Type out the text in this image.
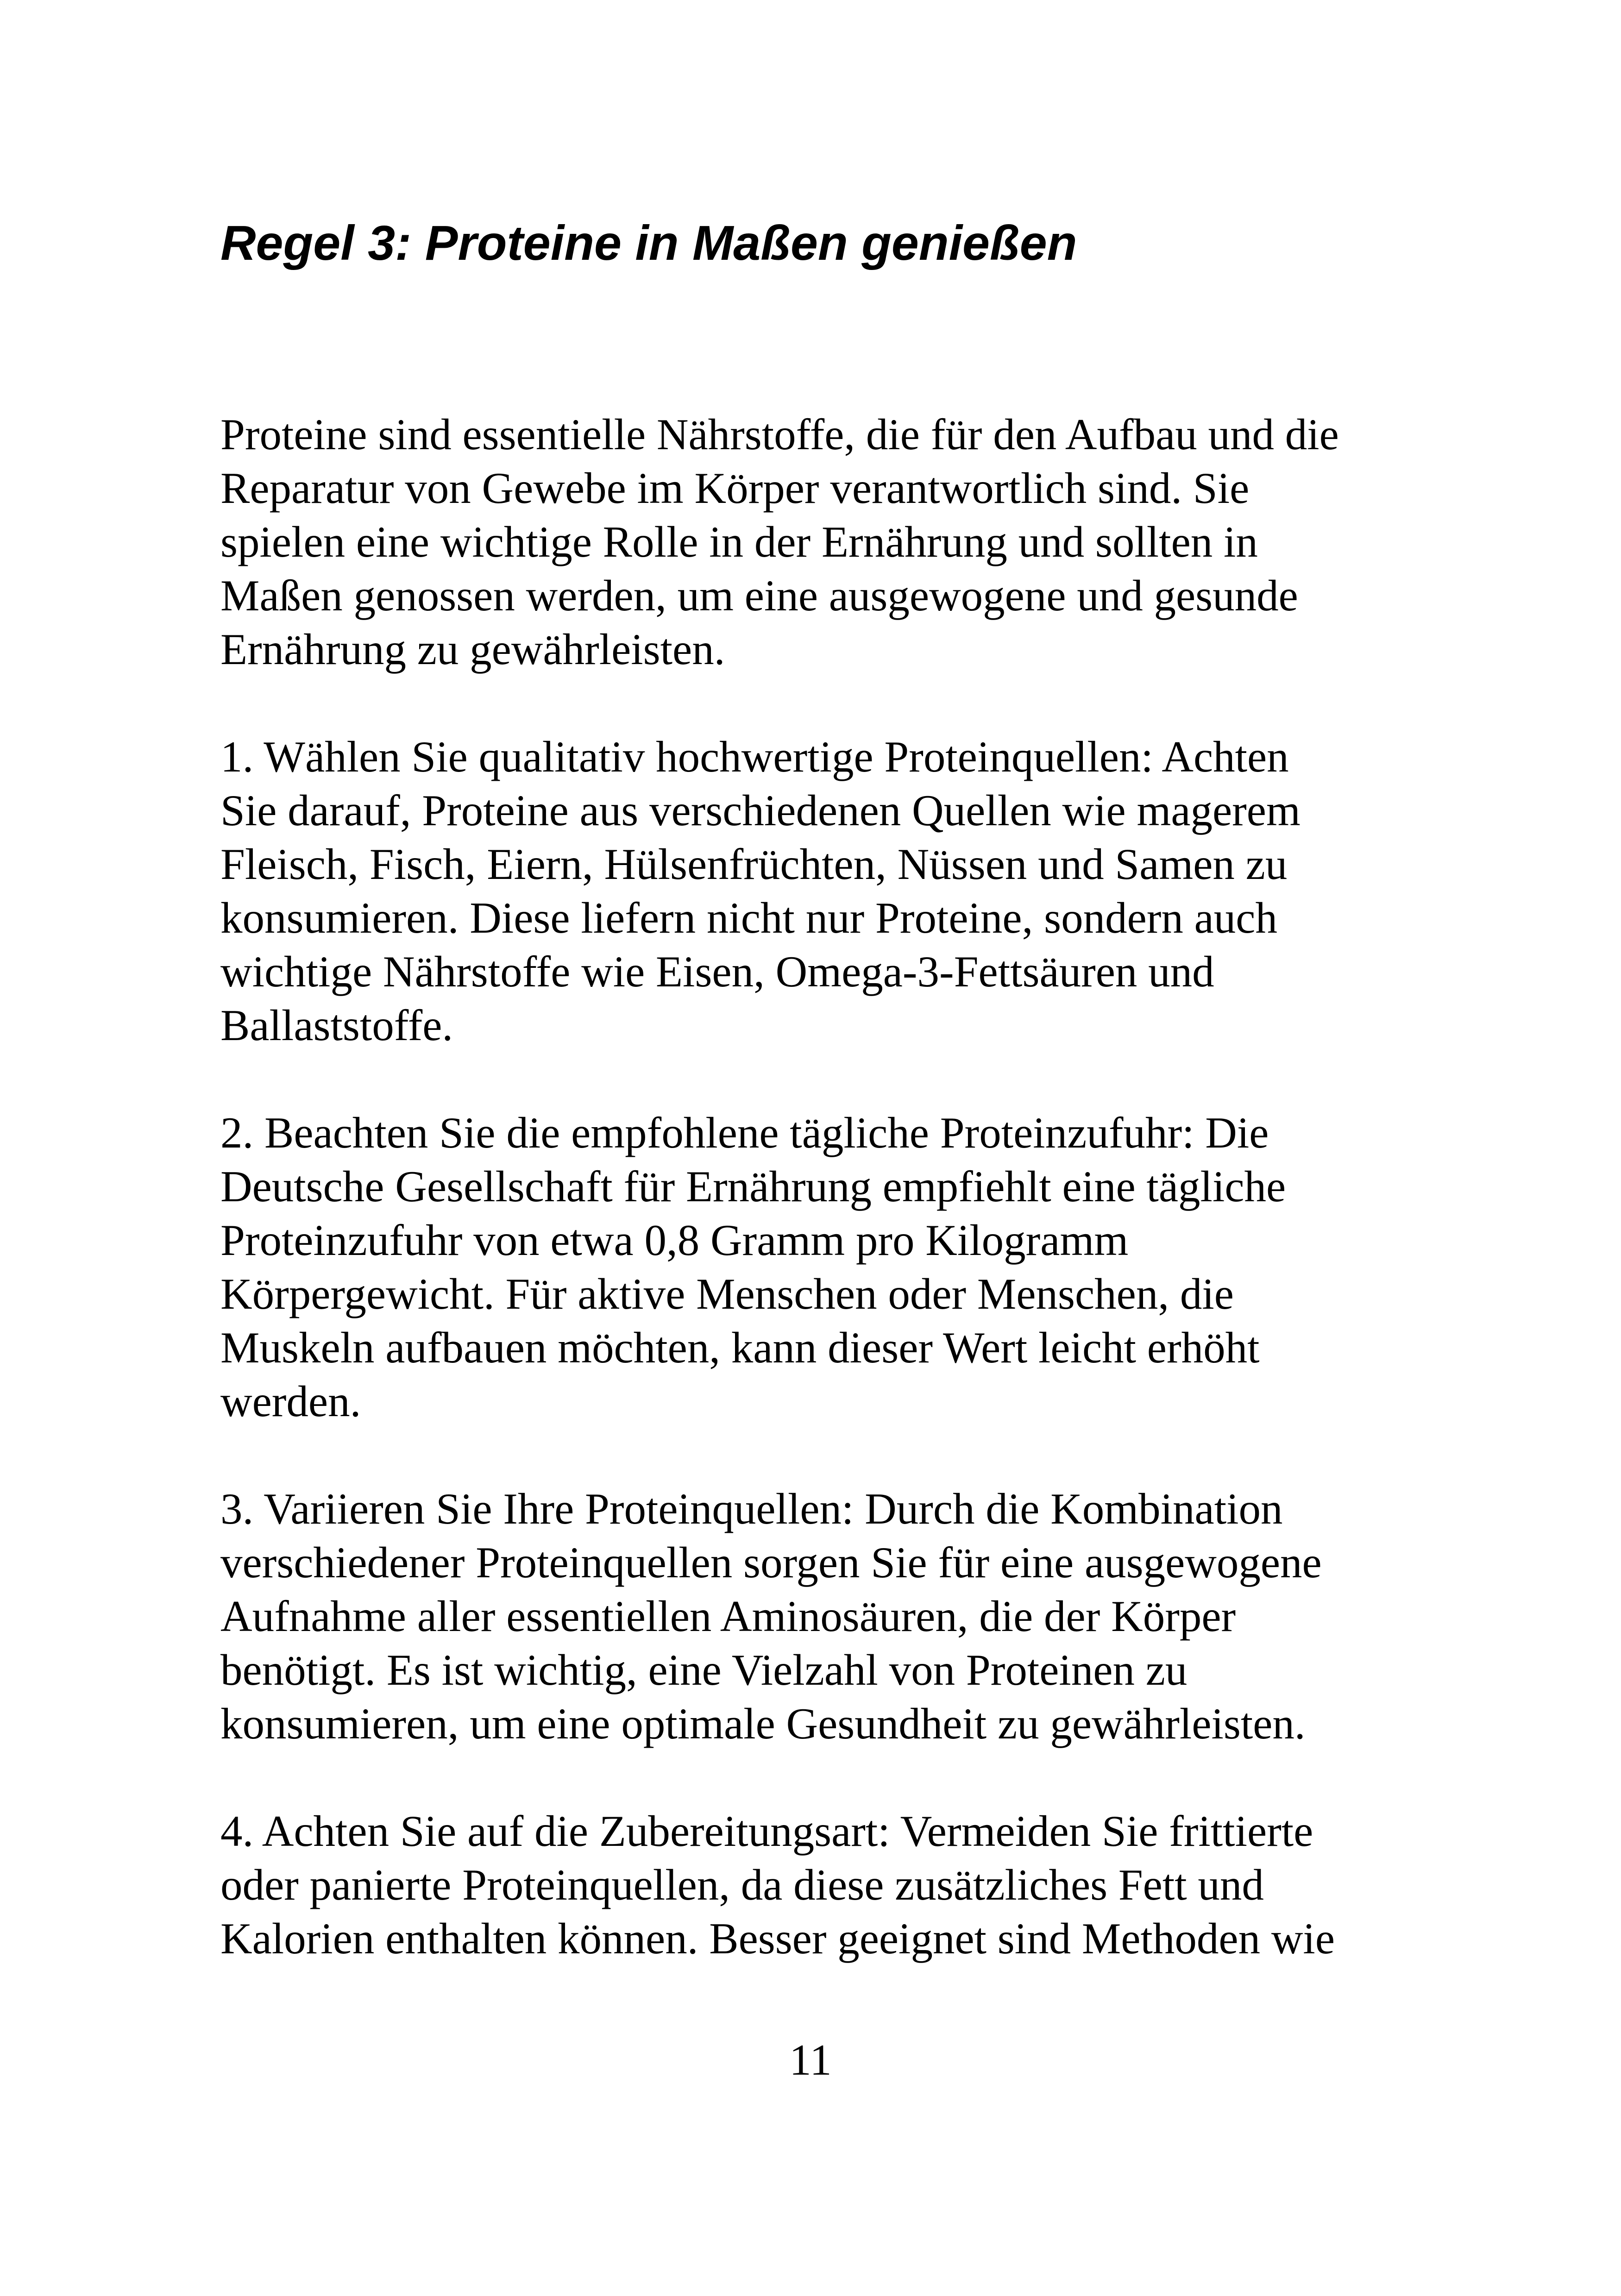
Regel 3: Proteine in Maßen genießen

Proteine sind essentielle Nährstoffe, die für den Aufbau und die
Reparatur von Gewebe im Körper verantwortlich sind. Sie
spielen eine wichtige Rolle in der Ernährung und sollten in
Maßen genossen werden, um eine ausgewogene und gesunde
Ernährung zu gewährleisten.

1. Wählen Sie qualitativ hochwertige Proteinquellen: Achten
Sie darauf, Proteine aus verschiedenen Quellen wie magerem
Fleisch, Fisch, Eiern, Hülsenfrüchten, Nüssen und Samen zu
konsumieren. Diese liefern nicht nur Proteine, sondern auch
wichtige Nährstoffe wie Eisen, Omega-3-Fettsäuren und
Ballaststoffe.

2. Beachten Sie die empfohlene tägliche Proteinzufuhr: Die
Deutsche Gesellschaft für Ernährung empfiehlt eine tägliche
Proteinzufuhr von etwa 0,8 Gramm pro Kilogramm
Körpergewicht. Für aktive Menschen oder Menschen, die
Muskeln aufbauen möchten, kann dieser Wert leicht erhöht
werden.

3. Variieren Sie Ihre Proteinquellen: Durch die Kombination
verschiedener Proteinquellen sorgen Sie für eine ausgewogene
Aufnahme aller essentiellen Aminosäuren, die der Körper
benötigt. Es ist wichtig, eine Vielzahl von Proteinen zu
konsumieren, um eine optimale Gesundheit zu gewährleisten.

4. Achten Sie auf die Zubereitungsart: Vermeiden Sie frittierte
oder panierte Proteinquellen, da diese zusätzliches Fett und
Kalorien enthalten können. Besser geeignet sind Methoden wie

11
